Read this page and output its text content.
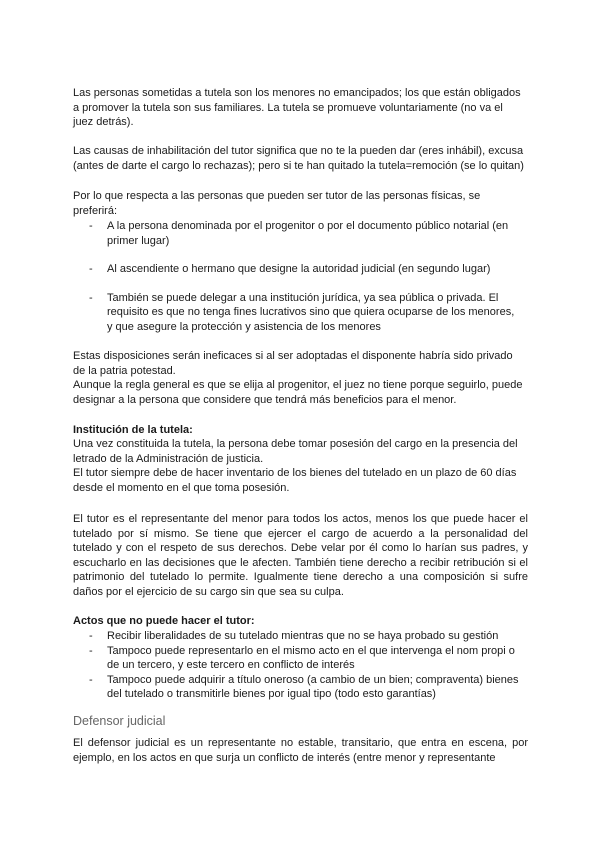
Las personas sometidas a tutela son los menores no emancipados; los que están obligados
a promover la tutela son sus familiares. La tutela se promueve voluntariamente (no va el
juez detrás).

Las causas de inhabilitación del tutor significa que no te la pueden dar (eres inhábil), excusa
(antes de darte el cargo lo rechazas); pero si te han quitado la tutela=remoción (se lo quitan)

Por lo que respecta a las personas que pueden ser tutor de las personas físicas, se
preferirá:

- A la persona denominada por el progenitor o por el documento público notarial (en
primer lugar)
- Al ascendiente o hermano que designe la autoridad judicial (en segundo lugar)
- También se puede delegar a una institución jurídica, ya sea pública o privada. El
requisito es que no tenga fines lucrativos sino que quiera ocuparse de los menores,
y que asegure la protección y asistencia de los menores

Estas disposiciones serán ineficaces si al ser adoptadas el disponente habría sido privado
de la patria potestad.
Aunque la regla general es que se elija al progenitor, el juez no tiene porque seguirlo, puede
designar a la persona que considere que tendrá más beneficios para el menor.

Institución de la tutela:

Una vez constituida la tutela, la persona debe tomar posesión del cargo en la presencia del
letrado de la Administración de justicia.
El tutor siempre debe de hacer inventario de los bienes del tutelado en un plazo de 60 días
desde el momento en el que toma posesión.

El tutor es el representante del menor para todos los actos, menos los que puede hacer el tutelado por sí mismo. Se tiene que ejercer el cargo de acuerdo a la personalidad del tutelado y con el respeto de sus derechos. Debe velar por él como lo harían sus padres, y escucharlo en las decisiones que le afecten. También tiene derecho a recibir retribución si el patrimonio del tutelado lo permite. Igualmente tiene derecho a una composición si sufre daños por el ejercicio de su cargo sin que sea su culpa.

Actos que no puede hacer el tutor:

- Recibir liberalidades de su tutelado mientras que no se haya probado su gestión
- Tampoco puede representarlo en el mismo acto en el que intervenga el nom propi o
de un tercero, y este tercero en conflicto de interés
- Tampoco puede adquirir a título oneroso (a cambio de un bien; compraventa) bienes
del tutelado o transmitirle bienes por igual tipo (todo esto garantías)

Defensor judicial

El defensor judicial es un representante no estable, transitario, que entra en escena, por ejemplo, en los actos en que surja un conflicto de interés (entre menor y representante
